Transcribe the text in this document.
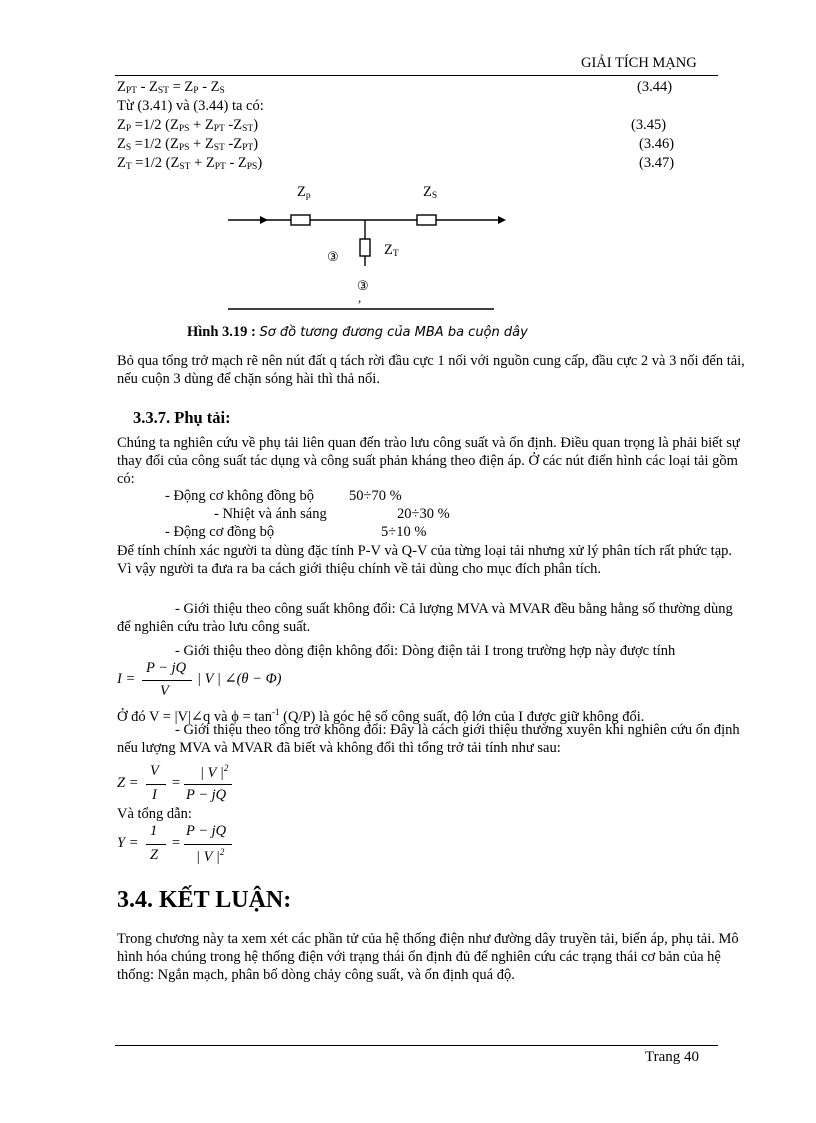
GIẢI TÍCH MẠNG
$Z_{PT} - Z_{ST} = Z_P - Z_S$	(3.44)
Từ (3.41) và (3.44) ta có:
$Z_P =1/2$ ($Z_{PS} + Z_{PT}$ $-Z_{ST}$)	(3.45)
$Z_S =1/2$ ($Z_{PS} + Z_{ST}$ $-Z_{PT}$)	(3.46)
$Z_T =1/2$ $(Z_{ST} + Z_{PT} - Z_{PS})$	(3.47)
$Z_p$	$Z_S$
$Z_T$
③
③
,
Hình 3.19 : Sơ đồ tương đương của MBA ba cuộn dây
Bỏ qua tổng trở mạch rẽ nên nút đất q tách rời đầu cực 1 nối với nguồn cung cấp, đầu cực 2 và 3 nối đến tải, nếu cuộn 3 dùng để chặn sóng hài thì thả nổi.
3.3.7. Phụ tải:
Chúng ta nghiên cứu về phụ tải liên quan đến trào lưu công suất và ổn định. Điều quan trọng là phải biết sự thay đổi của công suất tác dụng và công suất phản kháng theo điện áp. Ở các nút điển hình các loại tải gồm có:
- Động cơ không đồng bộ 50÷70 %
- Nhiệt và ánh sáng	20÷30 %
- Động cơ đồng bộ	5÷10 %
Để tính chính xác người ta dùng đặc tính P-V và Q-V của từng loại tải nhưng xử lý phân tích rất phức tạp. Vì vậy người ta đưa ra ba cách giới thiệu chính về tải dùng cho mục đích phân tích.
- Giới thiệu theo công suất không đổi: Cả lượng MVA và MVAR đều bằng hằng số thường dùng để nghiên cứu trào lưu công suất.
- Giới thiệu theo dòng điện không đổi: Dòng điện tải I trong trường hợp này được tính
I =
P − jQ
V
| V | ∠(θ − Φ)
Ở đó V = |V|∠q và $\phi = \tan^{-1} (Q/P)$ là góc hệ số công suất, độ lớn của I được giữ không đổi.
- Giới thiệu theo tổng trở không đổi: Đây là cách giới thiệu thường xuyên khi nghiên cứu ổn định nếu lượng MVA và MVAR đã biết và không đổi thì tổng trở tải tính như sau:
Z =
V
I
=
| V $|^2$
P − jQ
Và tổng dẫn:
Y =
1
Z
=
P − jQ
| V $|^2$
3.4. KẾT LUẬN:
Trong chương này ta xem xét các phần tử của hệ thống điện như đường dây truyền tải, biến áp, phụ tải. Mô hình hóa chúng trong hệ thống điện với trạng thái ổn định đủ để nghiên cứu các trạng thái cơ bản của hệ thống: Ngắn mạch, phân bố dòng chảy công suất, và ổn định quá độ.
Trang 40
